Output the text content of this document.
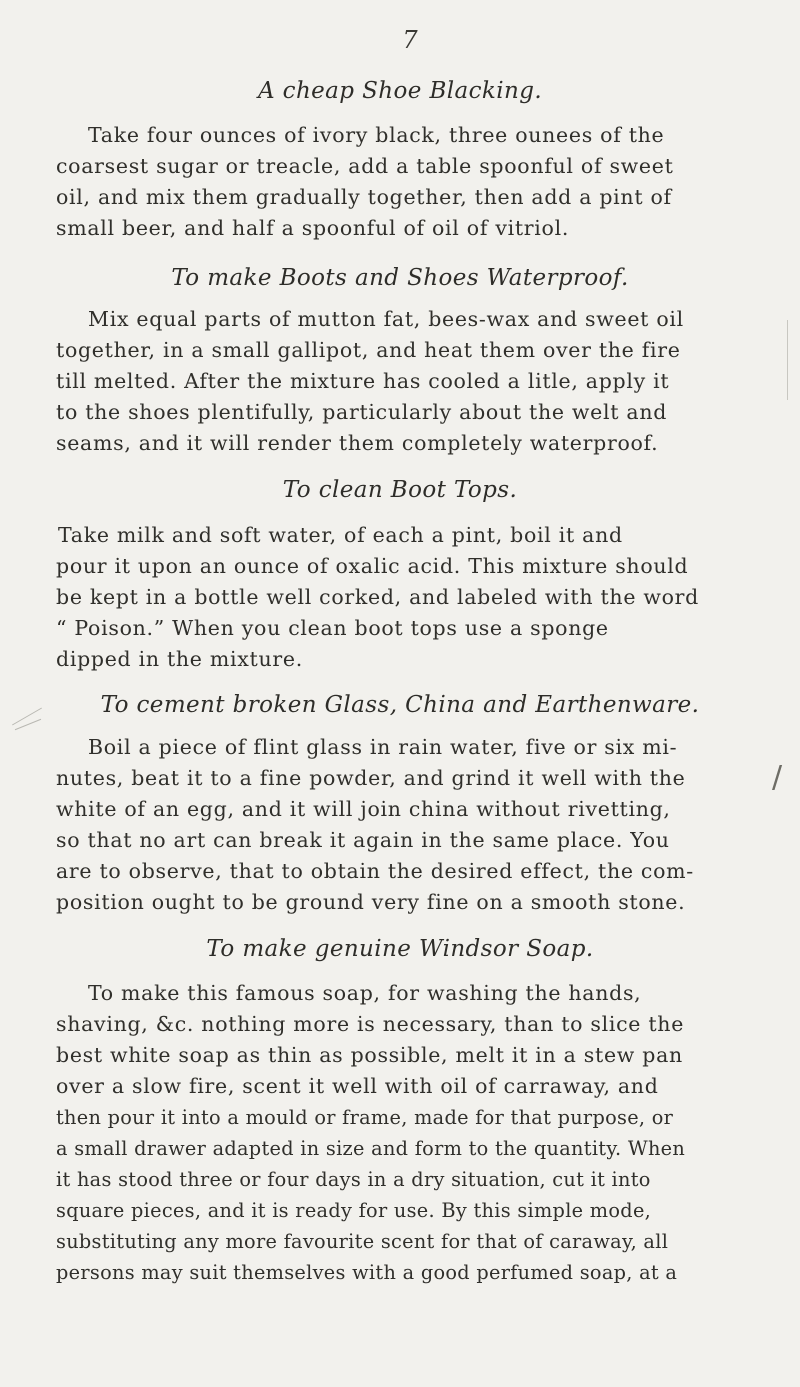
7
A cheap Shoe Blacking.
Take four ounces of ivory black, three ounees of the
coarsest sugar or treacle, add a table spoonful of sweet
oil, and mix them gradually together, then add a pint of
small beer, and half a spoonful of oil of vitriol.
To make Boots and Shoes Waterproof.
Mix equal parts of mutton fat, bees-wax and sweet oil
together, in a small gallipot, and heat them over the fire
till melted. After the mixture has cooled a litle, apply it
to the shoes plentifully, particularly about the welt and
seams, and it will render them completely waterproof.
To clean Boot Tops.
Take milk and soft water, of each a pint, boil it and
pour it upon an ounce of oxalic acid. This mixture should
be kept in a bottle well corked, and labeled with the word
“ Poison.” When you clean boot tops use a sponge
dipped in the mixture.
To cement broken Glass, China and Earthenware.
Boil a piece of flint glass in rain water, five or six mi-
nutes, beat it to a fine powder, and grind it well with the
white of an egg, and it will join china without rivetting,
so that no art can break it again in the same place. You
are to observe, that to obtain the desired effect, the com-
position ought to be ground very fine on a smooth stone.
To make genuine Windsor Soap.
To make this famous soap, for washing the hands,
shaving, &c. nothing more is necessary, than to slice the
best white soap as thin as possible, melt it in a stew pan
over a slow fire, scent it well with oil of carraway, and
then pour it into a mould or frame, made for that purpose, or
a small drawer adapted in size and form to the quantity. When
it has stood three or four days in a dry situation, cut it into
square pieces, and it is ready for use. By this simple mode,
substituting any more favourite scent for that of caraway, all
persons may suit themselves with a good perfumed soap, at a
/
